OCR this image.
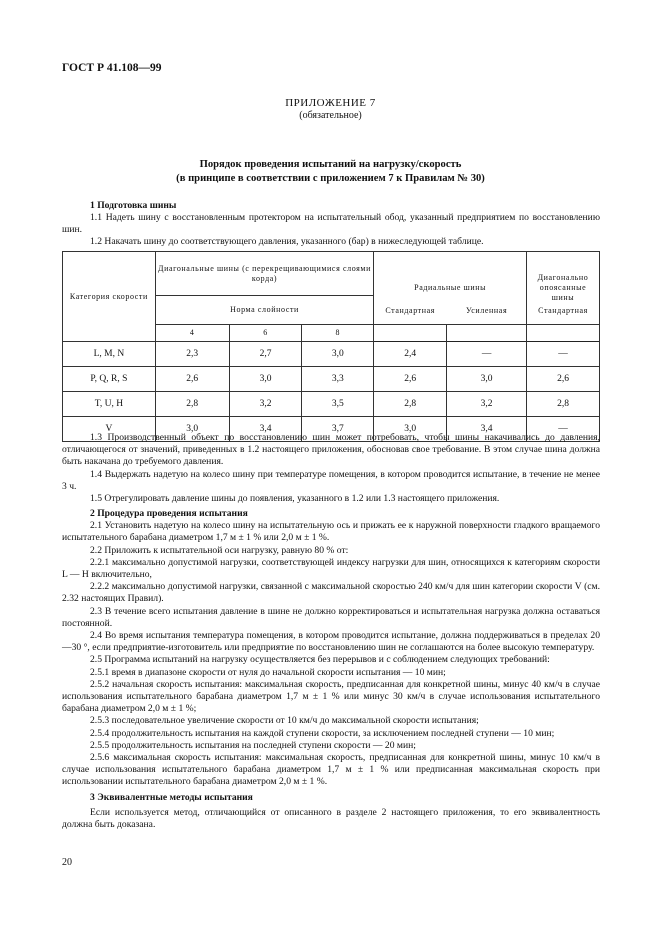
ГОСТ Р 41.108—99
ПРИЛОЖЕНИЕ 7
(обязательное)
Порядок проведения испытаний на нагрузку/скорость
(в принципе в соответствии с приложением 7 к Правилам № 30)
1 Подготовка шины

1.1 Надеть шину с восстановленным протектором на испытательный обод, указанный предприятием по восстановлению шин.

1.2 Накачать шину до соответствующего давления, указанного (бар) в нижеследующей таблице.

Категория скорости	Диагональные шины (с перекрещивающимися слоями корда)			Радиальные шины		Диагонально опоясанные шины
	Норма слойности					
	4	6	8	Стандартная	Усиленная	Стандартная
L, M, N	2,3	2,7	3,0	2,4	—	—
P, Q, R, S	2,6	3,0	3,3	2,6	3,0	2,6
T, U, H	2,8	3,2	3,5	2,8	3,2	2,8
V	3,0	3,4	3,7	3,0	3,4	—

1.3 Производственный объект по восстановлению шин может потребовать, чтобы шины накачивались до давления, отличающегося от значений, приведенных в 1.2 настоящего приложения, обосновав свое требование. В этом случае шина должна быть накачана до требуемого давления.

1.4 Выдержать надетую на колесо шину при температуре помещения, в котором проводится испытание, в течение не менее 3 ч.

1.5 Отрегулировать давление шины до появления, указанного в 1.2 или 1.3 настоящего приложения.

2 Процедура проведения испытания

2.1 Установить надетую на колесо шину на испытательную ось и прижать ее к наружной поверхности гладкого вращаемого испытательного барабана диаметром 1,7 м ± 1 % или 2,0 м ± 1 %.

2.2 Приложить к испытательной оси нагрузку, равную 80 % от:

2.2.1 максимально допустимой нагрузки, соответствующей индексу нагрузки для шин, относящихся к категориям скорости L — H включительно,

2.2.2 максимально допустимой нагрузки, связанной с максимальной скоростью 240 км/ч для шин категории скорости V (см. 2.32 настоящих Правил).

2.3 В течение всего испытания давление в шине не должно корректироваться и испытательная нагрузка должна оставаться постоянной.

2.4 Во время испытания температура помещения, в котором проводится испытание, должна поддерживаться в пределах 20—30 °, если предприятие-изготовитель или предприятие по восстановлению шин не соглашаются на более высокую температуру.

2.5 Программа испытаний на нагрузку осуществляется без перерывов и с соблюдением следующих требований:

2.5.1 время в диапазоне скорости от нуля до начальной скорости испытания — 10 мин;

2.5.2 начальная скорость испытания: максимальная скорость, предписанная для конкретной шины, минус 40 км/ч в случае использования испытательного барабана диаметром 1,7 м ± 1 % или минус 30 км/ч в случае использования испытательного барабана диаметром 2,0 м ± 1 %;

2.5.3 последовательное увеличение скорости от 10 км/ч до максимальной скорости испытания;

2.5.4 продолжительность испытания на каждой ступени скорости, за исключением последней ступени — 10 мин;

2.5.5 продолжительность испытания на последней ступени скорости — 20 мин;

2.5.6 максимальная скорость испытания: максимальная скорость, предписанная для конкретной шины, минус 10 км/ч в случае использования испытательного барабана диаметром 1,7 м ± 1 % или предписанная максимальная скорость при использовании испытательного барабана диаметром 2,0 м ± 1 %.

3 Эквивалентные методы испытания

Если используется метод, отличающийся от описанного в разделе 2 настоящего приложения, то его эквивалентность должна быть доказана.

20
